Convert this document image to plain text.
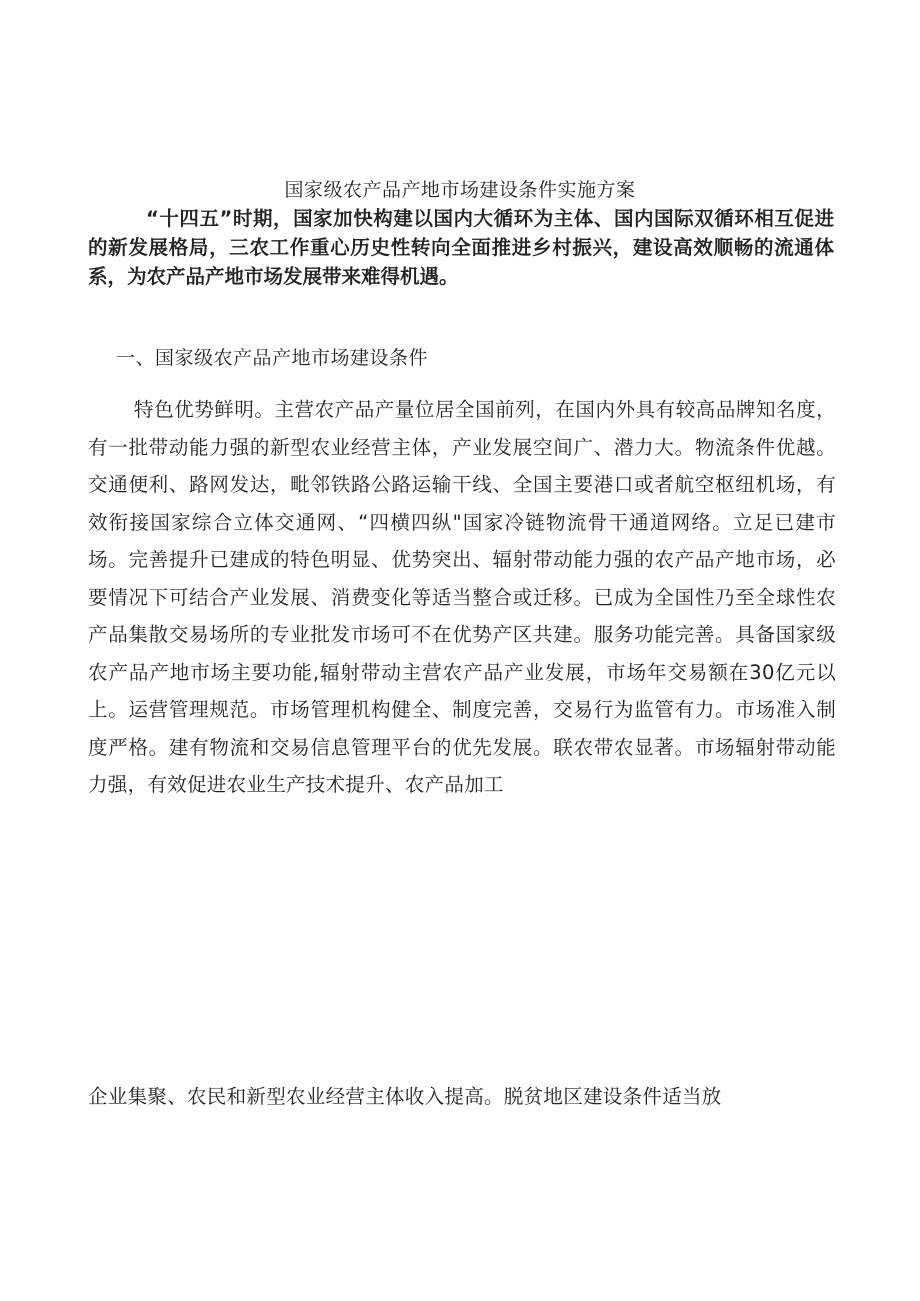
国家级农产品产地市场建设条件实施方案
“十四五”时期，国家加快构建以国内大循环为主体、国内国际双循环相互促进的新发展格局，三农工作重心历史性转向全面推进乡村振兴，建设高效顺畅的流通体系，为农产品产地市场发展带来难得机遇。
一、国家级农产品产地市场建设条件
特色优势鲜明。主营农产品产量位居全国前列，在国内外具有较高品牌知名度，有一批带动能力强的新型农业经营主体，产业发展空间广、潜力大。物流条件优越。交通便利、路网发达，毗邻铁路公路运输干线、全国主要港口或者航空枢纽机场，有效衔接国家综合立体交通网、“四横四纵"国家冷链物流骨干通道网络。立足已建市场。完善提升已建成的特色明显、优势突出、辐射带动能力强的农产品产地市场，必要情况下可结合产业发展、消费变化等适当整合或迁移。已成为全国性乃至全球性农产品集散交易场所的专业批发市场可不在优势产区共建。服务功能完善。具备国家级农产品产地市场主要功能,辐射带动主营农产品产业发展，市场年交易额在30亿元以上。运营管理规范。市场管理机构健全、制度完善，交易行为监管有力。市场准入制度严格。建有物流和交易信息管理平台的优先发展。联农带农显著。市场辐射带动能力强，有效促进农业生产技术提升、农产品加工
企业集聚、农民和新型农业经营主体收入提高。脱贫地区建设条件适当放
